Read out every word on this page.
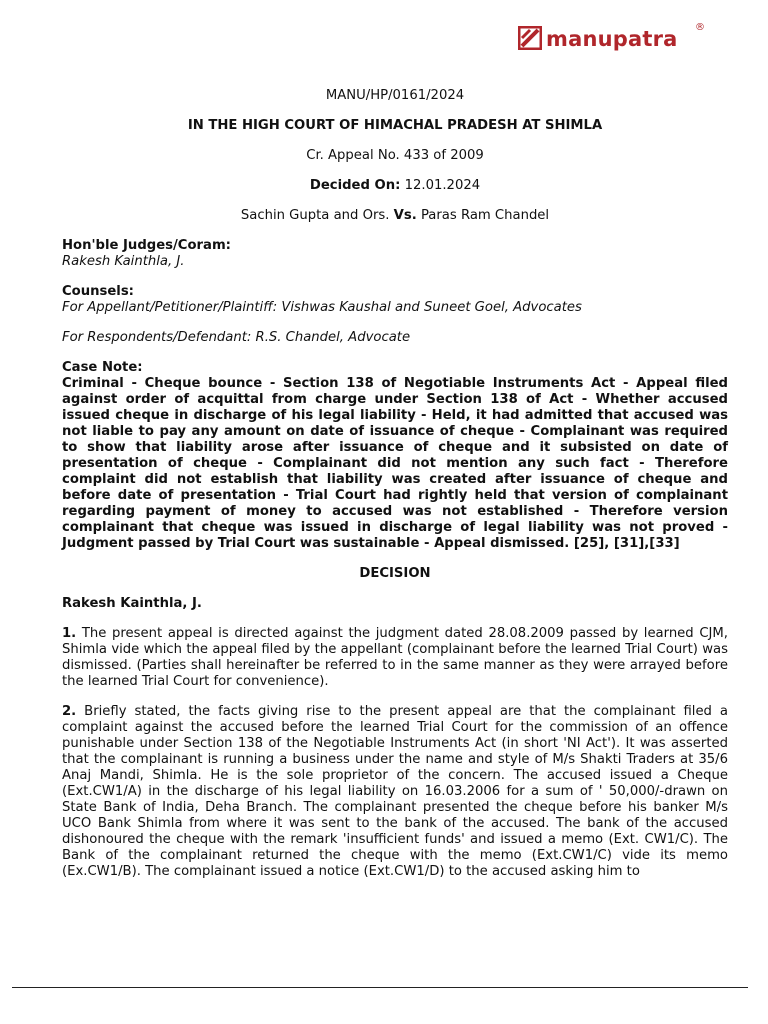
manupatra ®
MANU/HP/0161/2024
IN THE HIGH COURT OF HIMACHAL PRADESH AT SHIMLA
Cr. Appeal No. 433 of 2009
Decided On: 12.01.2024
Sachin Gupta and Ors. Vs. Paras Ram Chandel
Hon'ble Judges/Coram:
Rakesh Kainthla, J.
Counsels:
For Appellant/Petitioner/Plaintiff: Vishwas Kaushal and Suneet Goel, Advocates
For Respondents/Defendant: R.S. Chandel, Advocate
Case Note:
Criminal - Cheque bounce - Section 138 of Negotiable Instruments Act - Appeal filed against order of acquittal from charge under Section 138 of Act - Whether accused issued cheque in discharge of his legal liability - Held, it had admitted that accused was not liable to pay any amount on date of issuance of cheque - Complainant was required to show that liability arose after issuance of cheque and it subsisted on date of presentation of cheque - Complainant did not mention any such fact - Therefore complaint did not establish that liability was created after issuance of cheque and before date of presentation - Trial Court had rightly held that version of complainant regarding payment of money to accused was not established - Therefore version complainant that cheque was issued in discharge of legal liability was not proved - Judgment passed by Trial Court was sustainable - Appeal dismissed. [25], [31],[33]
DECISION
Rakesh Kainthla, J.
1. The present appeal is directed against the judgment dated 28.08.2009 passed by learned CJM, Shimla vide which the appeal filed by the appellant (complainant before the learned Trial Court) was dismissed. (Parties shall hereinafter be referred to in the same manner as they were arrayed before the learned Trial Court for convenience).
2. Briefly stated, the facts giving rise to the present appeal are that the complainant filed a complaint against the accused before the learned Trial Court for the commission of an offence punishable under Section 138 of the Negotiable Instruments Act (in short 'NI Act'). It was asserted that the complainant is running a business under the name and style of M/s Shakti Traders at 35/6 Anaj Mandi, Shimla. He is the sole proprietor of the concern. The accused issued a Cheque (Ext.CW1/A) in the discharge of his legal liability on 16.03.2006 for a sum of ' 50,000/-drawn on State Bank of India, Deha Branch. The complainant presented the cheque before his banker M/s UCO Bank Shimla from where it was sent to the bank of the accused. The bank of the accused dishonoured the cheque with the remark 'insufficient funds' and issued a memo (Ext. CW1/C). The Bank of the complainant returned the cheque with the memo (Ext.CW1/C) vide its memo (Ex.CW1/B). The complainant issued a notice (Ext.CW1/D) to the accused asking him to
